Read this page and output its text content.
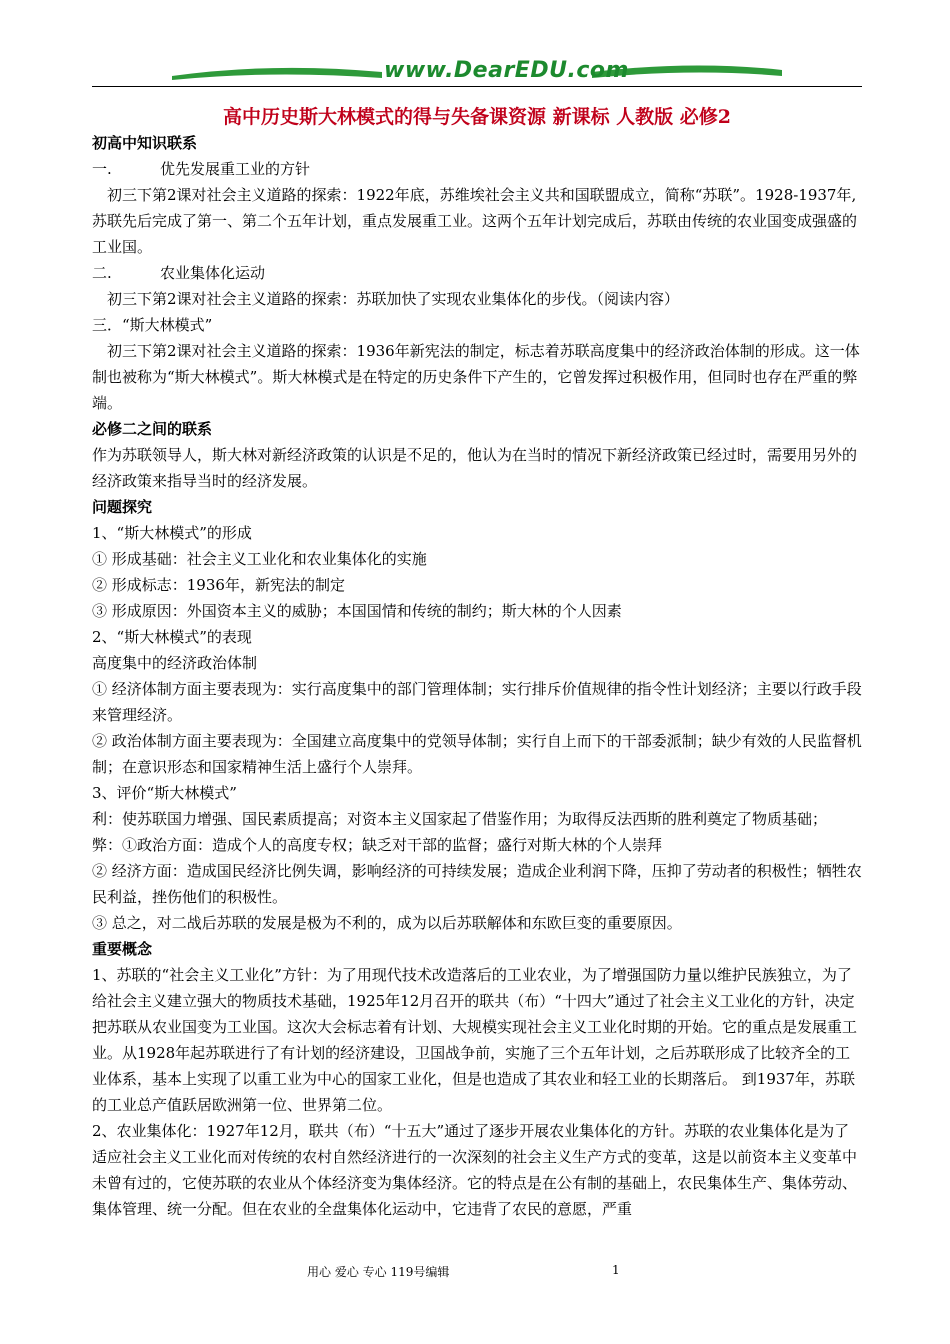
www.DearEDU.com
高中历史斯大林模式的得与失备课资源 新课标 人教版 必修2

初高中知识联系

一.	优先发展重工业的方针

初三下第2课对社会主义道路的探索：1922年底，苏维埃社会主义共和国联盟成立，简称“苏联”。1928-1937年,苏联先后完成了第一、第二个五年计划，重点发展重工业。这两个五年计划完成后，苏联由传统的农业国变成强盛的工业国。

二.	农业集体化运动

初三下第2课对社会主义道路的探索：苏联加快了实现农业集体化的步伐。（阅读内容）

三．“斯大林模式”

初三下第2课对社会主义道路的探索：1936年新宪法的制定，标志着苏联高度集中的经济政治体制的形成。这一体制也被称为“斯大林模式”。斯大林模式是在特定的历史条件下产生的，它曾发挥过积极作用，但同时也存在严重的弊端。

必修二之间的联系

作为苏联领导人，斯大林对新经济政策的认识是不足的，他认为在当时的情况下新经济政策已经过时，需要用另外的经济政策来指导当时的经济发展。

问题探究

1、“斯大林模式”的形成

① 形成基础：社会主义工业化和农业集体化的实施

② 形成标志：1936年，新宪法的制定

③ 形成原因：外国资本主义的威胁；本国国情和传统的制约；斯大林的个人因素

2、“斯大林模式”的表现

高度集中的经济政治体制

① 经济体制方面主要表现为：实行高度集中的部门管理体制；实行排斥价值规律的指令性计划经济；主要以行政手段来管理经济。

② 政治体制方面主要表现为：全国建立高度集中的党领导体制；实行自上而下的干部委派制；缺少有效的人民监督机制；在意识形态和国家精神生活上盛行个人崇拜。

3、评价“斯大林模式”

利：使苏联国力增强、国民素质提高；对资本主义国家起了借鉴作用；为取得反法西斯的胜利奠定了物质基础；

弊：①政治方面：造成个人的高度专权；缺乏对干部的监督；盛行对斯大林的个人崇拜

② 经济方面：造成国民经济比例失调，影响经济的可持续发展；造成企业利润下降，压抑了劳动者的积极性；牺牲农民利益，挫伤他们的积极性。

③ 总之，对二战后苏联的发展是极为不利的，成为以后苏联解体和东欧巨变的重要原因。

重要概念

1、苏联的“社会主义工业化”方针：为了用现代技术改造落后的工业农业，为了增强国防力量以维护民族独立，为了给社会主义建立强大的物质技术基础，1925年12月召开的联共（布）“十四大”通过了社会主义工业化的方针，决定把苏联从农业国变为工业国。这次大会标志着有计划、大规模实现社会主义工业化时期的开始。它的重点是发展重工业。从1928年起苏联进行了有计划的经济建设，卫国战争前，实施了三个五年计划，之后苏联形成了比较齐全的工业体系，基本上实现了以重工业为中心的国家工业化，但是也造成了其农业和轻工业的长期落后。 到1937年，苏联的工业总产值跃居欧洲第一位、世界第二位。

2、农业集体化：1927年12月，联共（布）“十五大”通过了逐步开展农业集体化的方针。苏联的农业集体化是为了适应社会主义工业化而对传统的农村自然经济进行的一次深刻的社会主义生产方式的变革，这是以前资本主义变革中未曾有过的，它使苏联的农业从个体经济变为集体经济。它的特点是在公有制的基础上，农民集体生产、集体劳动、集体管理、统一分配。但在农业的全盘集体化运动中，它违背了农民的意愿，严重

用心 爱心 专心 119号编辑	1
